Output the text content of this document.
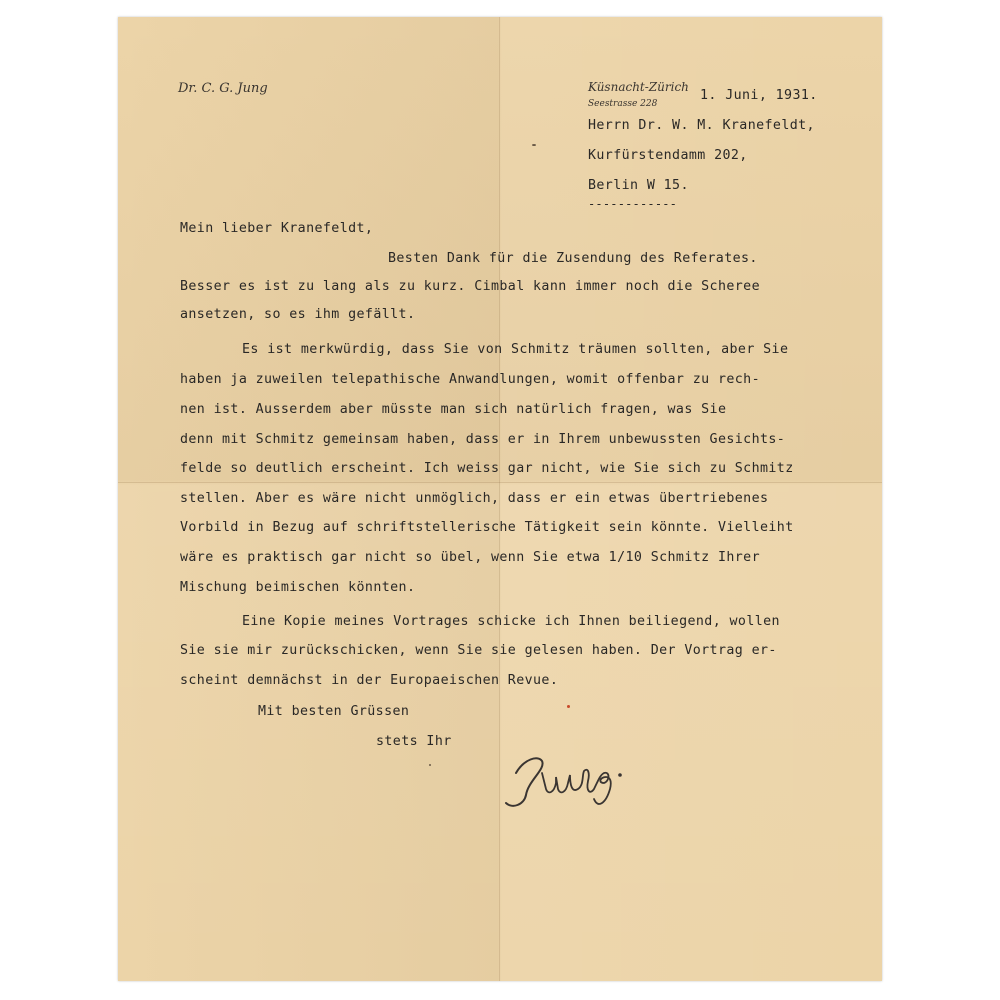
Dr. C. G. Jung	Küsnacht-Zürich
Seestrasse 228
1. Juni, 1931.
Herrn Dr. W. M. Kranefeldt,
Kurfürstendamm 202,
Berlin W 15.
------------
Mein lieber Kranefeldt,
Besten Dank für die Zusendung des Referates.
Besser es ist zu lang als zu kurz. Cimbal kann immer noch die Scheree
ansetzen, so es ihm gefällt.
Es ist merkwürdig, dass Sie von Schmitz träumen sollten, aber Sie
haben ja zuweilen telepathische Anwandlungen, womit offenbar zu rech-
nen ist. Ausserdem aber müsste man sich natürlich fragen, was Sie
denn mit Schmitz gemeinsam haben, dass er in Ihrem unbewussten Gesichts-
felde so deutlich erscheint. Ich weiss gar nicht, wie Sie sich zu Schmitz
stellen. Aber es wäre nicht unmöglich, dass er ein etwas übertriebenes
Vorbild in Bezug auf schriftstellerische Tätigkeit sein könnte. Vielleiht
wäre es praktisch gar nicht so übel, wenn Sie etwa 1/10 Schmitz Ihrer
Mischung beimischen könnten.
Eine Kopie meines Vortrages schicke ich Ihnen beiliegend, wollen
Sie sie mir zurückschicken, wenn Sie sie gelesen haben. Der Vortrag er-
scheint demnächst in der Europaeischen Revue.
Mit besten Grüssen
stets Ihr
